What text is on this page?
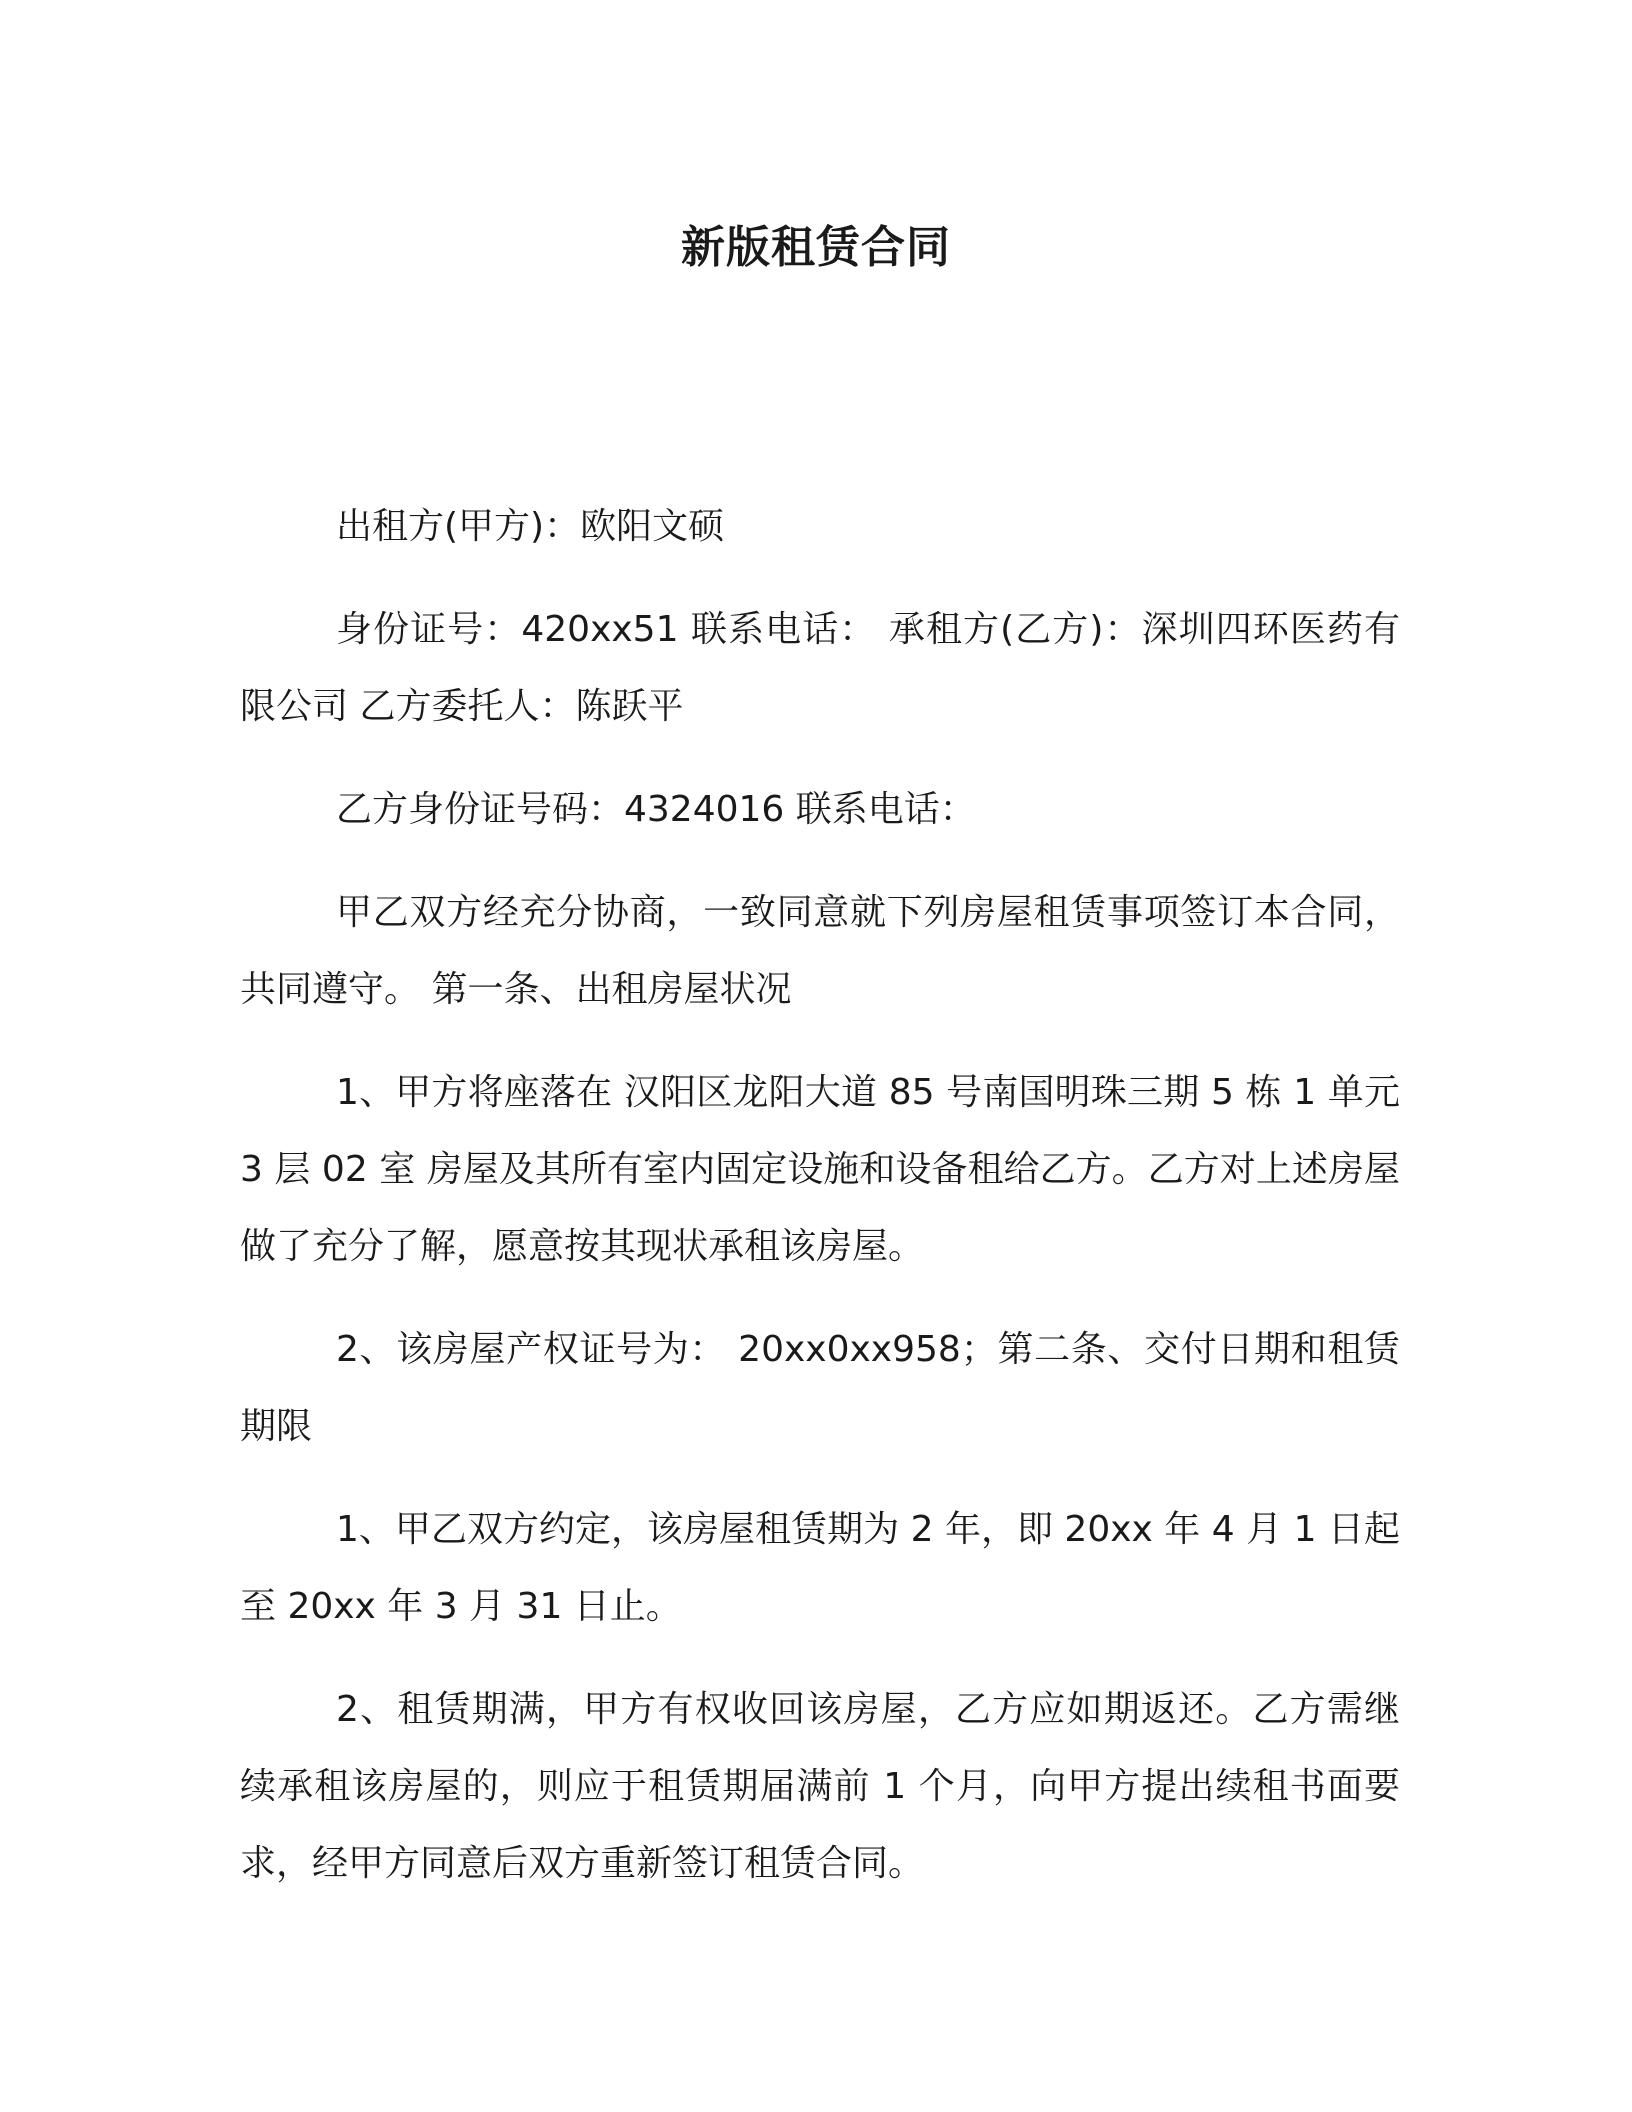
新版租赁合同

出租方(甲方)：欧阳文硕

身份证号：420xx51 联系电话： 承租方(乙方)：深圳四环医药有限公司 乙方委托人：陈跃平

乙方身份证号码：4324016 联系电话：

甲乙双方经充分协商，一致同意就下列房屋租赁事项签订本合同，共同遵守。 第一条、出租房屋状况

1、甲方将座落在 汉阳区龙阳大道 85 号南国明珠三期 5 栋 1 单元 3 层 02 室 房屋及其所有室内固定设施和设备租给乙方。乙方对上述房屋做了充分了解，愿意按其现状承租该房屋。

2、该房屋产权证号为： 20xx0xx958；第二条、交付日期和租赁期限

1、甲乙双方约定，该房屋租赁期为 2 年，即 20xx 年 4 月 1 日起至 20xx 年 3 月 31 日止。

2、租赁期满，甲方有权收回该房屋，乙方应如期返还。乙方需继续承租该房屋的，则应于租赁期届满前 1 个月，向甲方提出续租书面要求，经甲方同意后双方重新签订租赁合同。
